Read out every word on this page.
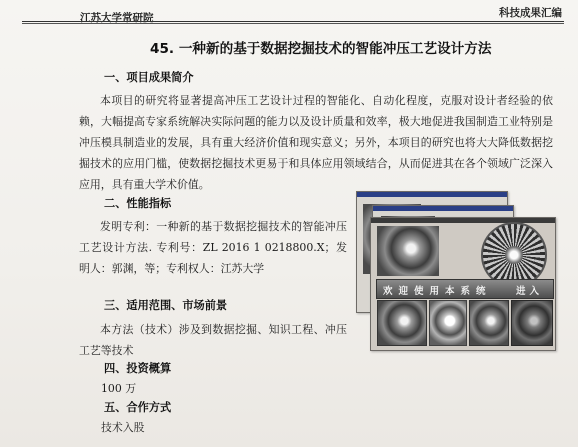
江苏大学常研院	科技成果汇编
45. 一种新的基于数据挖掘技术的智能冲压工艺设计方法
一、项目成果简介
本项目的研究将显著提高冲压工艺设计过程的智能化、自动化程度，克服对设计者经验的依赖，大幅提高专家系统解决实际问题的能力以及设计质量和效率，极大地促进我国制造工业特别是冲压模具制造业的发展，具有重大经济价值和现实意义；另外，本项目的研究也将大大降低数据挖掘技术的应用门槛，使数据挖掘技术更易于和具体应用领域结合，从而促进其在各个领域广泛深入应用，具有重大学术价值。
二、性能指标
发明专利：一种新的基于数据挖掘技术的智能冲压工艺设计方法. 专利号：ZL 2016 1 0218800.X；发明人：郭渊，等；专利权人：江苏大学
三、适用范围、市场前景
本方法（技术）涉及到数据挖掘、知识工程、冲压工艺等技术
四、投资概算
100 万
五、合作方式
技术入股
欢迎使用本系统	进入
